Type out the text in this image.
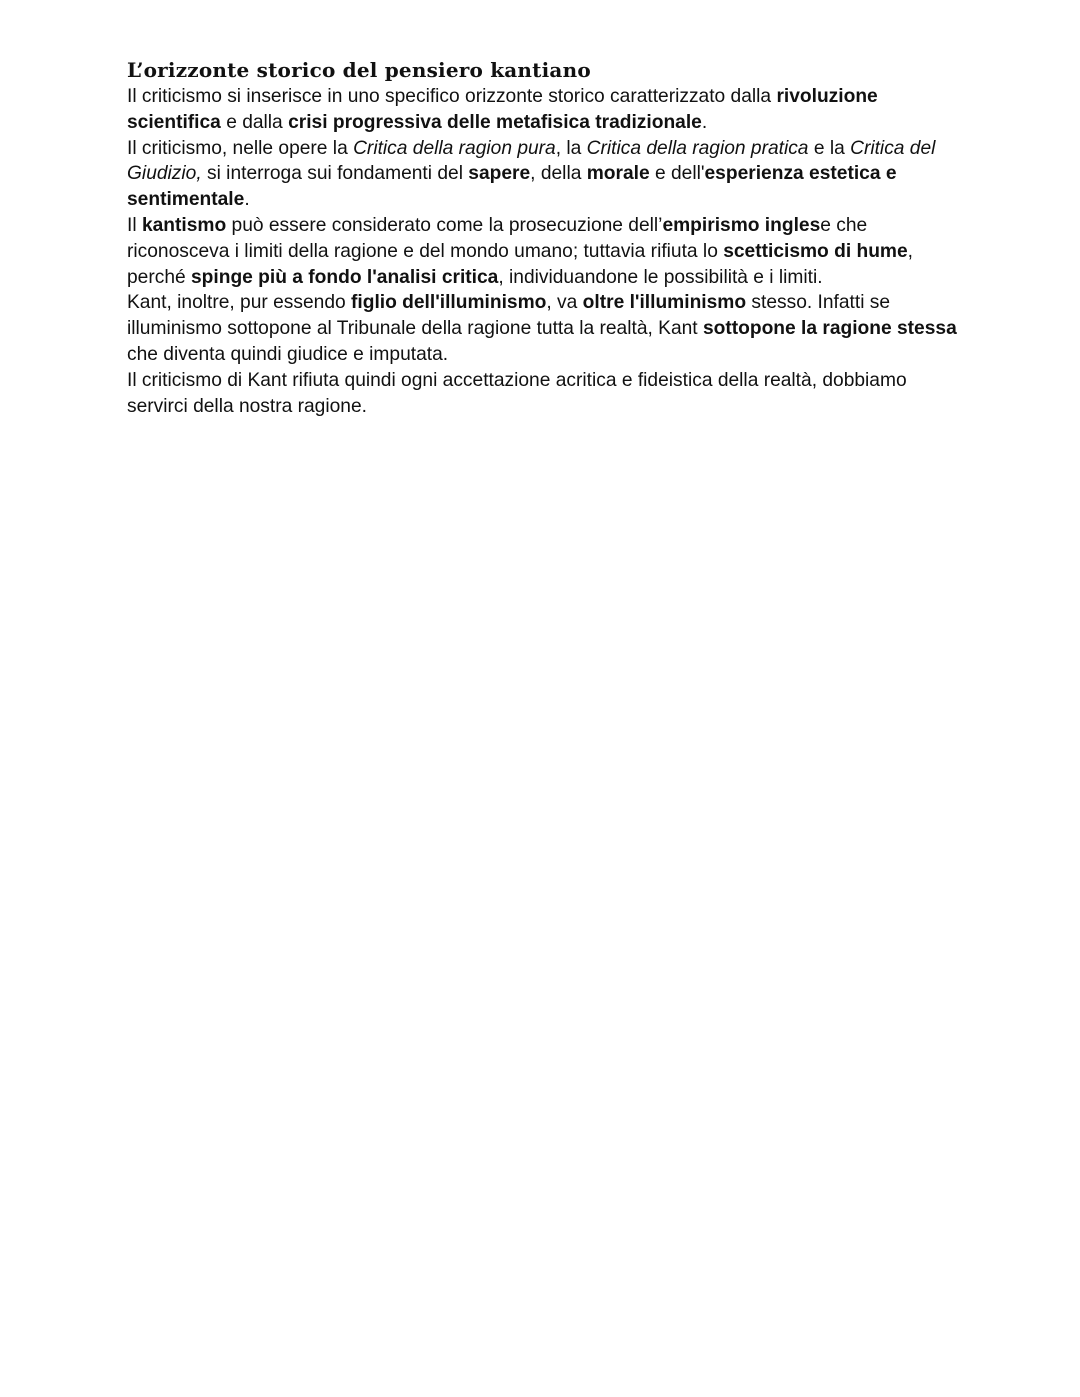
L’orizzonte storico del pensiero kantiano

Il criticismo si inserisce in uno specifico orizzonte storico caratterizzato dalla rivoluzione scientifica e dalla crisi progressiva delle metafisica tradizionale.

Il criticismo, nelle opere la Critica della ragion pura, la Critica della ragion pratica e la Critica del Giudizio, si interroga sui fondamenti del sapere, della morale e dell'esperienza estetica e sentimentale.

Il kantismo può essere considerato come la prosecuzione dell’empirismo inglese che riconosceva i limiti della ragione e del mondo umano; tuttavia rifiuta lo scetticismo di hume, perché spinge più a fondo l'analisi critica, individuandone le possibilità e i limiti.

Kant, inoltre, pur essendo figlio dell'illuminismo, va oltre l'illuminismo stesso. Infatti se illuminismo sottopone al Tribunale della ragione tutta la realtà, Kant sottopone la ragione stessa che diventa quindi giudice e imputata.

Il criticismo di Kant rifiuta quindi ogni accettazione acritica e fideistica della realtà, dobbiamo servirci della nostra ragione.
